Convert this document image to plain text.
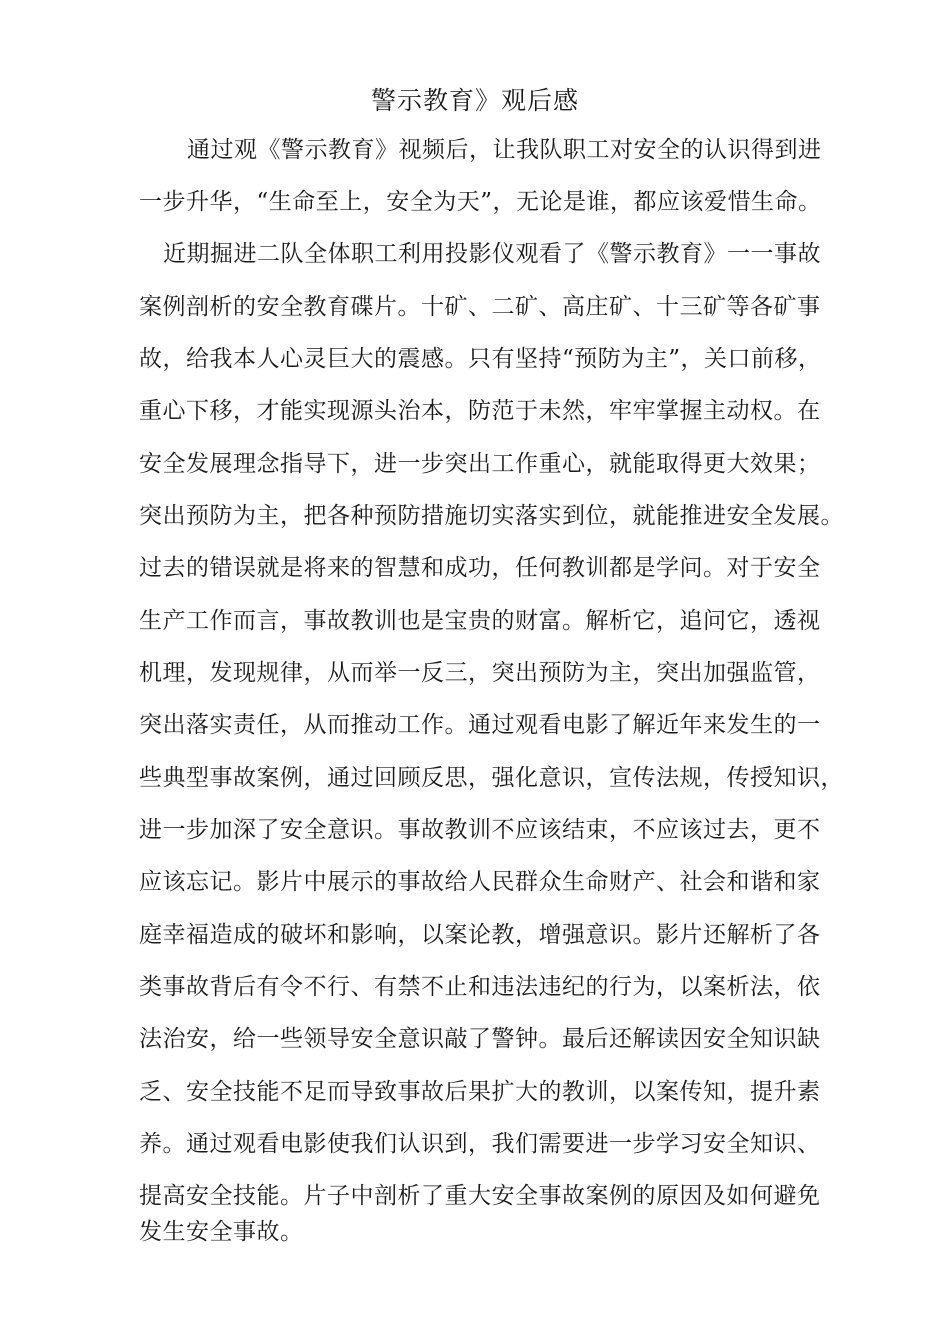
警示教育》观后感
通过观《警示教育》视频后，让我队职工对安全的认识得到进
一步升华，“生命至上，安全为天”，无论是谁，都应该爱惜生命。
近期掘进二队全体职工利用投影仪观看了《警示教育》一一事故
案例剖析的安全教育碟片。十矿、二矿、高庄矿、十三矿等各矿事
故，给我本人心灵巨大的震感。只有坚持“预防为主”，关口前移，
重心下移，才能实现源头治本，防范于未然，牢牢掌握主动权。在
安全发展理念指导下，进一步突出工作重心，就能取得更大效果；
突出预防为主，把各种预防措施切实落实到位，就能推进安全发展。
过去的错误就是将来的智慧和成功，任何教训都是学问。对于安全
生产工作而言，事故教训也是宝贵的财富。解析它，追问它，透视
机理，发现规律，从而举一反三，突出预防为主，突出加强监管，
突出落实责任，从而推动工作。通过观看电影了解近年来发生的一
些典型事故案例，通过回顾反思，强化意识，宣传法规，传授知识，
进一步加深了安全意识。事故教训不应该结束，不应该过去，更不
应该忘记。影片中展示的事故给人民群众生命财产、社会和谐和家
庭幸福造成的破坏和影响，以案论教，增强意识。影片还解析了各
类事故背后有令不行、有禁不止和违法违纪的行为，以案析法，依
法治安，给一些领导安全意识敲了警钟。最后还解读因安全知识缺
乏、安全技能不足而导致事故后果扩大的教训，以案传知，提升素
养。通过观看电影使我们认识到，我们需要进一步学习安全知识、
提高安全技能。片子中剖析了重大安全事故案例的原因及如何避免
发生安全事故。
